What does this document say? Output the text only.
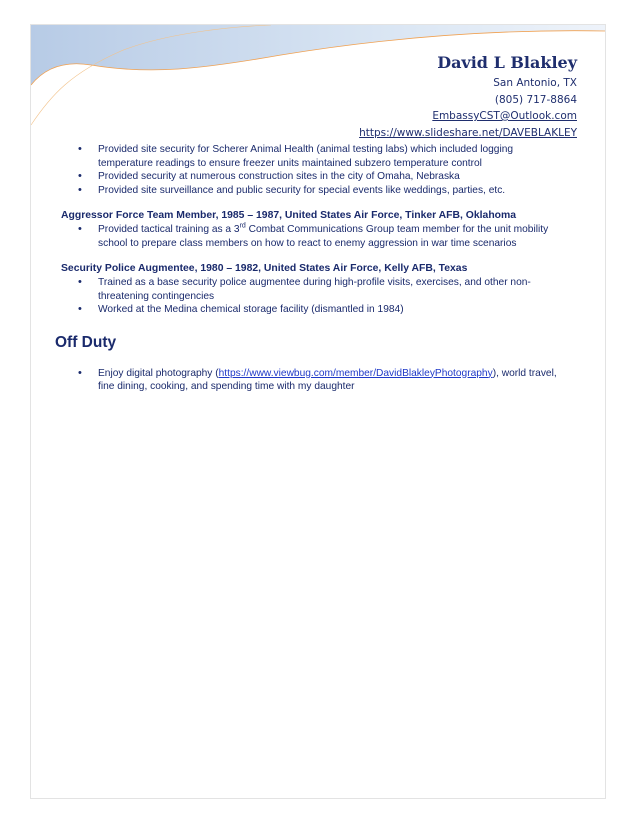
David L Blakley
San Antonio, TX
(805) 717-8864
EmbassyCST@Outlook.com
https://www.slideshare.net/DAVEBLAKLEY
• Provided site security for Scherer Animal Health (animal testing labs) which included logging temperature readings to ensure freezer units maintained subzero temperature control
• Provided security at numerous construction sites in the city of Omaha, Nebraska
• Provided site surveillance and public security for special events like weddings, parties, etc.
Aggressor Force Team Member, 1985 – 1987, United States Air Force, Tinker AFB, Oklahoma
• Provided tactical training as a 3rd Combat Communications Group team member for the unit mobility school to prepare class members on how to react to enemy aggression in war time scenarios
Security Police Augmentee, 1980 – 1982, United States Air Force, Kelly AFB, Texas
• Trained as a base security police augmentee during high-profile visits, exercises, and other non-threatening contingencies
• Worked at the Medina chemical storage facility (dismantled in 1984)
Off Duty
• Enjoy digital photography (https://www.viewbug.com/member/DavidBlakleyPhotography), world travel, fine dining, cooking, and spending time with my daughter
